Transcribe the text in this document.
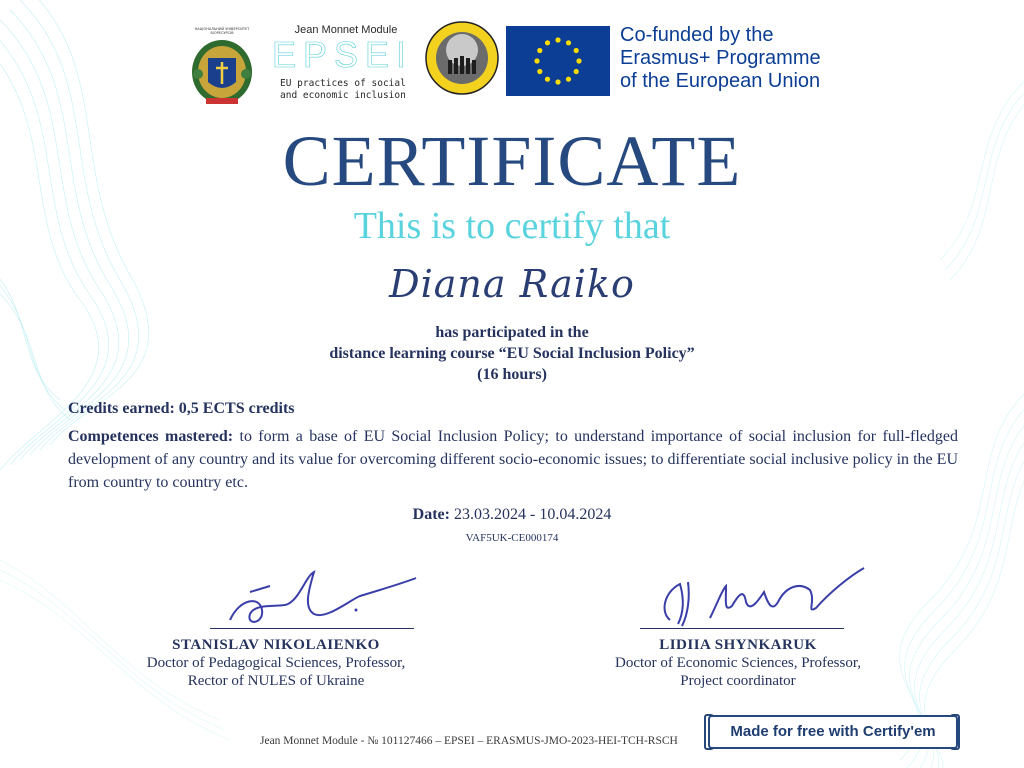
НАЦІОНАЛЬНИЙ УНІВЕРСИТЕТ
БІОРЕСУРСІВ	Jean Monnet Module
EPSEI
EU practices of social
and economic inclusion
Co-funded by the
Erasmus+ Programme
of the European Union
CERTIFICATE
This is to certify that
Diana Raiko
has participated in the
distance learning course “EU Social Inclusion Policy”
(16 hours)
Credits earned: 0,5 ECTS credits
Competences mastered: to form a base of EU Social Inclusion Policy; to understand importance of social inclusion for full-fledged development of any country and its value for overcoming different socio-economic issues; to differentiate social inclusive policy in the EU from country to country etc.
Date: 23.03.2024 - 10.04.2024
VAF5UK-CE000174
STANISLAV NIKOLAIENKO
Doctor of Pedagogical Sciences, Professor,
Rector of NULES of Ukraine
LIDIIA SHYNKARUK
Doctor of Economic Sciences, Professor,
Project coordinator
Jean Monnet Module - № 101127466 – EPSEI – ERASMUS-JMO-2023-HEI-TCH-RSCH
Made for free with Certify'em
